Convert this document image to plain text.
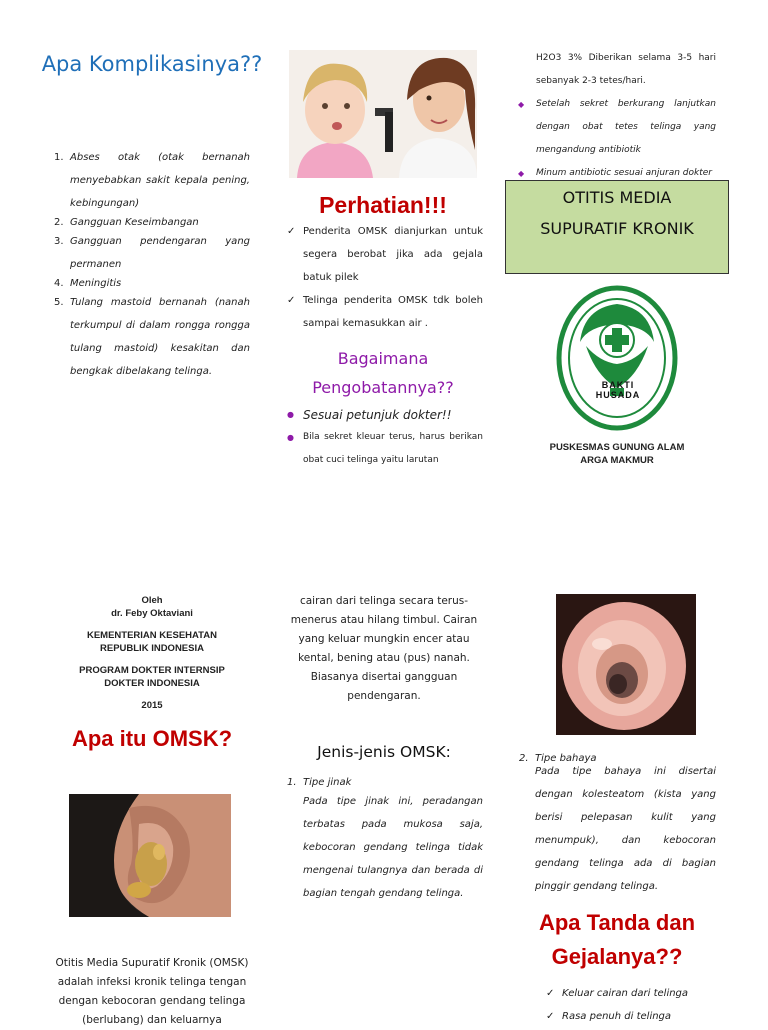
Apa Komplikasinya??
1. Abses otak (otak bernanah menyebabkan sakit kepala pening, kebingungan)
2. Gangguan Keseimbangan
3. Gangguan pendengaran yang permanen
4. Meningitis
5. Tulang mastoid bernanah (nanah terkumpul di dalam rongga rongga tulang mastoid) kesakitan dan bengkak dibelakang telinga.
Perhatian!!!
✓ Penderita OMSK dianjurkan untuk segera berobat jika ada gejala batuk pilek
✓ Telinga penderita OMSK tdk boleh sampai kemasukkan air .
Bagaimana
Pengobatannya??
● Sesuai petunjuk dokter!!
● Bila sekret kleuar terus, harus berikan obat cuci telinga yaitu larutan
H2O3 3% Diberikan selama 3-5 hari sebanyak 2-3 tetes/hari.
◆ Setelah sekret berkurang lanjutkan dengan obat tetes telinga yang mengandung antibiotik
◆ Minum antibiotic sesuai anjuran dokter
OTITIS MEDIA
SUPURATIF KRONIK
BAKTI HUSADA
PUSKESMAS GUNUNG ALAM
ARGA MAKMUR
Oleh
dr. Feby Oktaviani
KEMENTERIAN KESEHATAN
REPUBLIK INDONESIA
PROGRAM DOKTER INTERNSIP
DOKTER INDONESIA
2015
Apa itu OMSK?
Otitis Media Supuratif Kronik (OMSK) adalah infeksi kronik telinga tengan dengan kebocoran gendang telinga (berlubang) dan keluarnya
cairan dari telinga secara terus-menerus atau hilang timbul. Cairan yang keluar mungkin encer atau kental, bening atau (pus) nanah. Biasanya disertai gangguan pendengaran.
Jenis-jenis OMSK:
1. Tipe jinak
Pada tipe jinak ini, peradangan terbatas pada mukosa saja, kebocoran gendang telinga tidak mengenai tulangnya dan berada di bagian tengah gendang telinga.
2. Tipe bahaya
Pada tipe bahaya ini disertai dengan kolesteatom (kista yang berisi pelepasan kulit yang menumpuk), dan kebocoran gendang telinga ada di bagian pinggir gendang telinga.
Apa Tanda dan
Gejalanya??
✓ Keluar cairan dari telinga
✓ Rasa penuh di telinga
